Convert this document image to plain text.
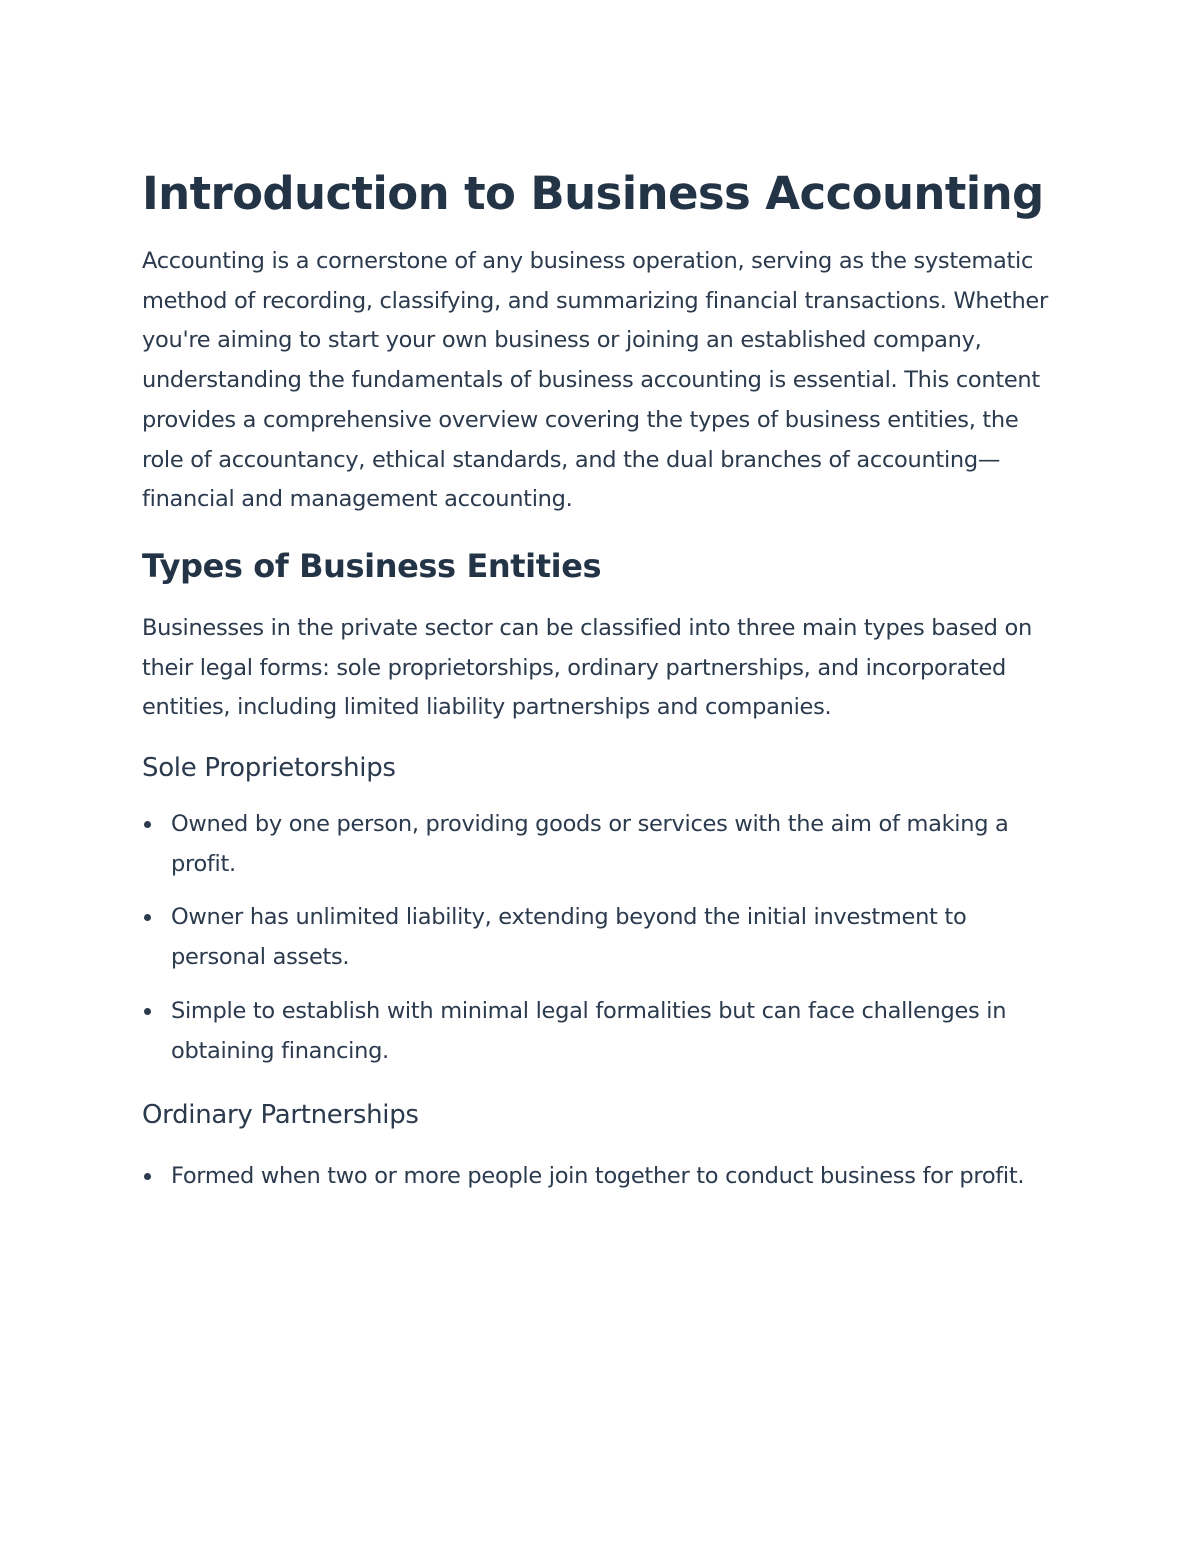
Introduction to Business Accounting

Accounting is a cornerstone of any business operation, serving as the systematic method of recording, classifying, and summarizing financial transactions. Whether you're aiming to start your own business or joining an established company, understanding the fundamentals of business accounting is essential. This content provides a comprehensive overview covering the types of business entities, the role of accountancy, ethical standards, and the dual branches of accounting—financial and management accounting.

Types of Business Entities

Businesses in the private sector can be classified into three main types based on their legal forms: sole proprietorships, ordinary partnerships, and incorporated entities, including limited liability partnerships and companies.

Sole Proprietorships
Owned by one person, providing goods or services with the aim of making a profit.
Owner has unlimited liability, extending beyond the initial investment to personal assets.
Simple to establish with minimal legal formalities but can face challenges in obtaining financing.
Ordinary Partnerships
Formed when two or more people join together to conduct business for profit.
